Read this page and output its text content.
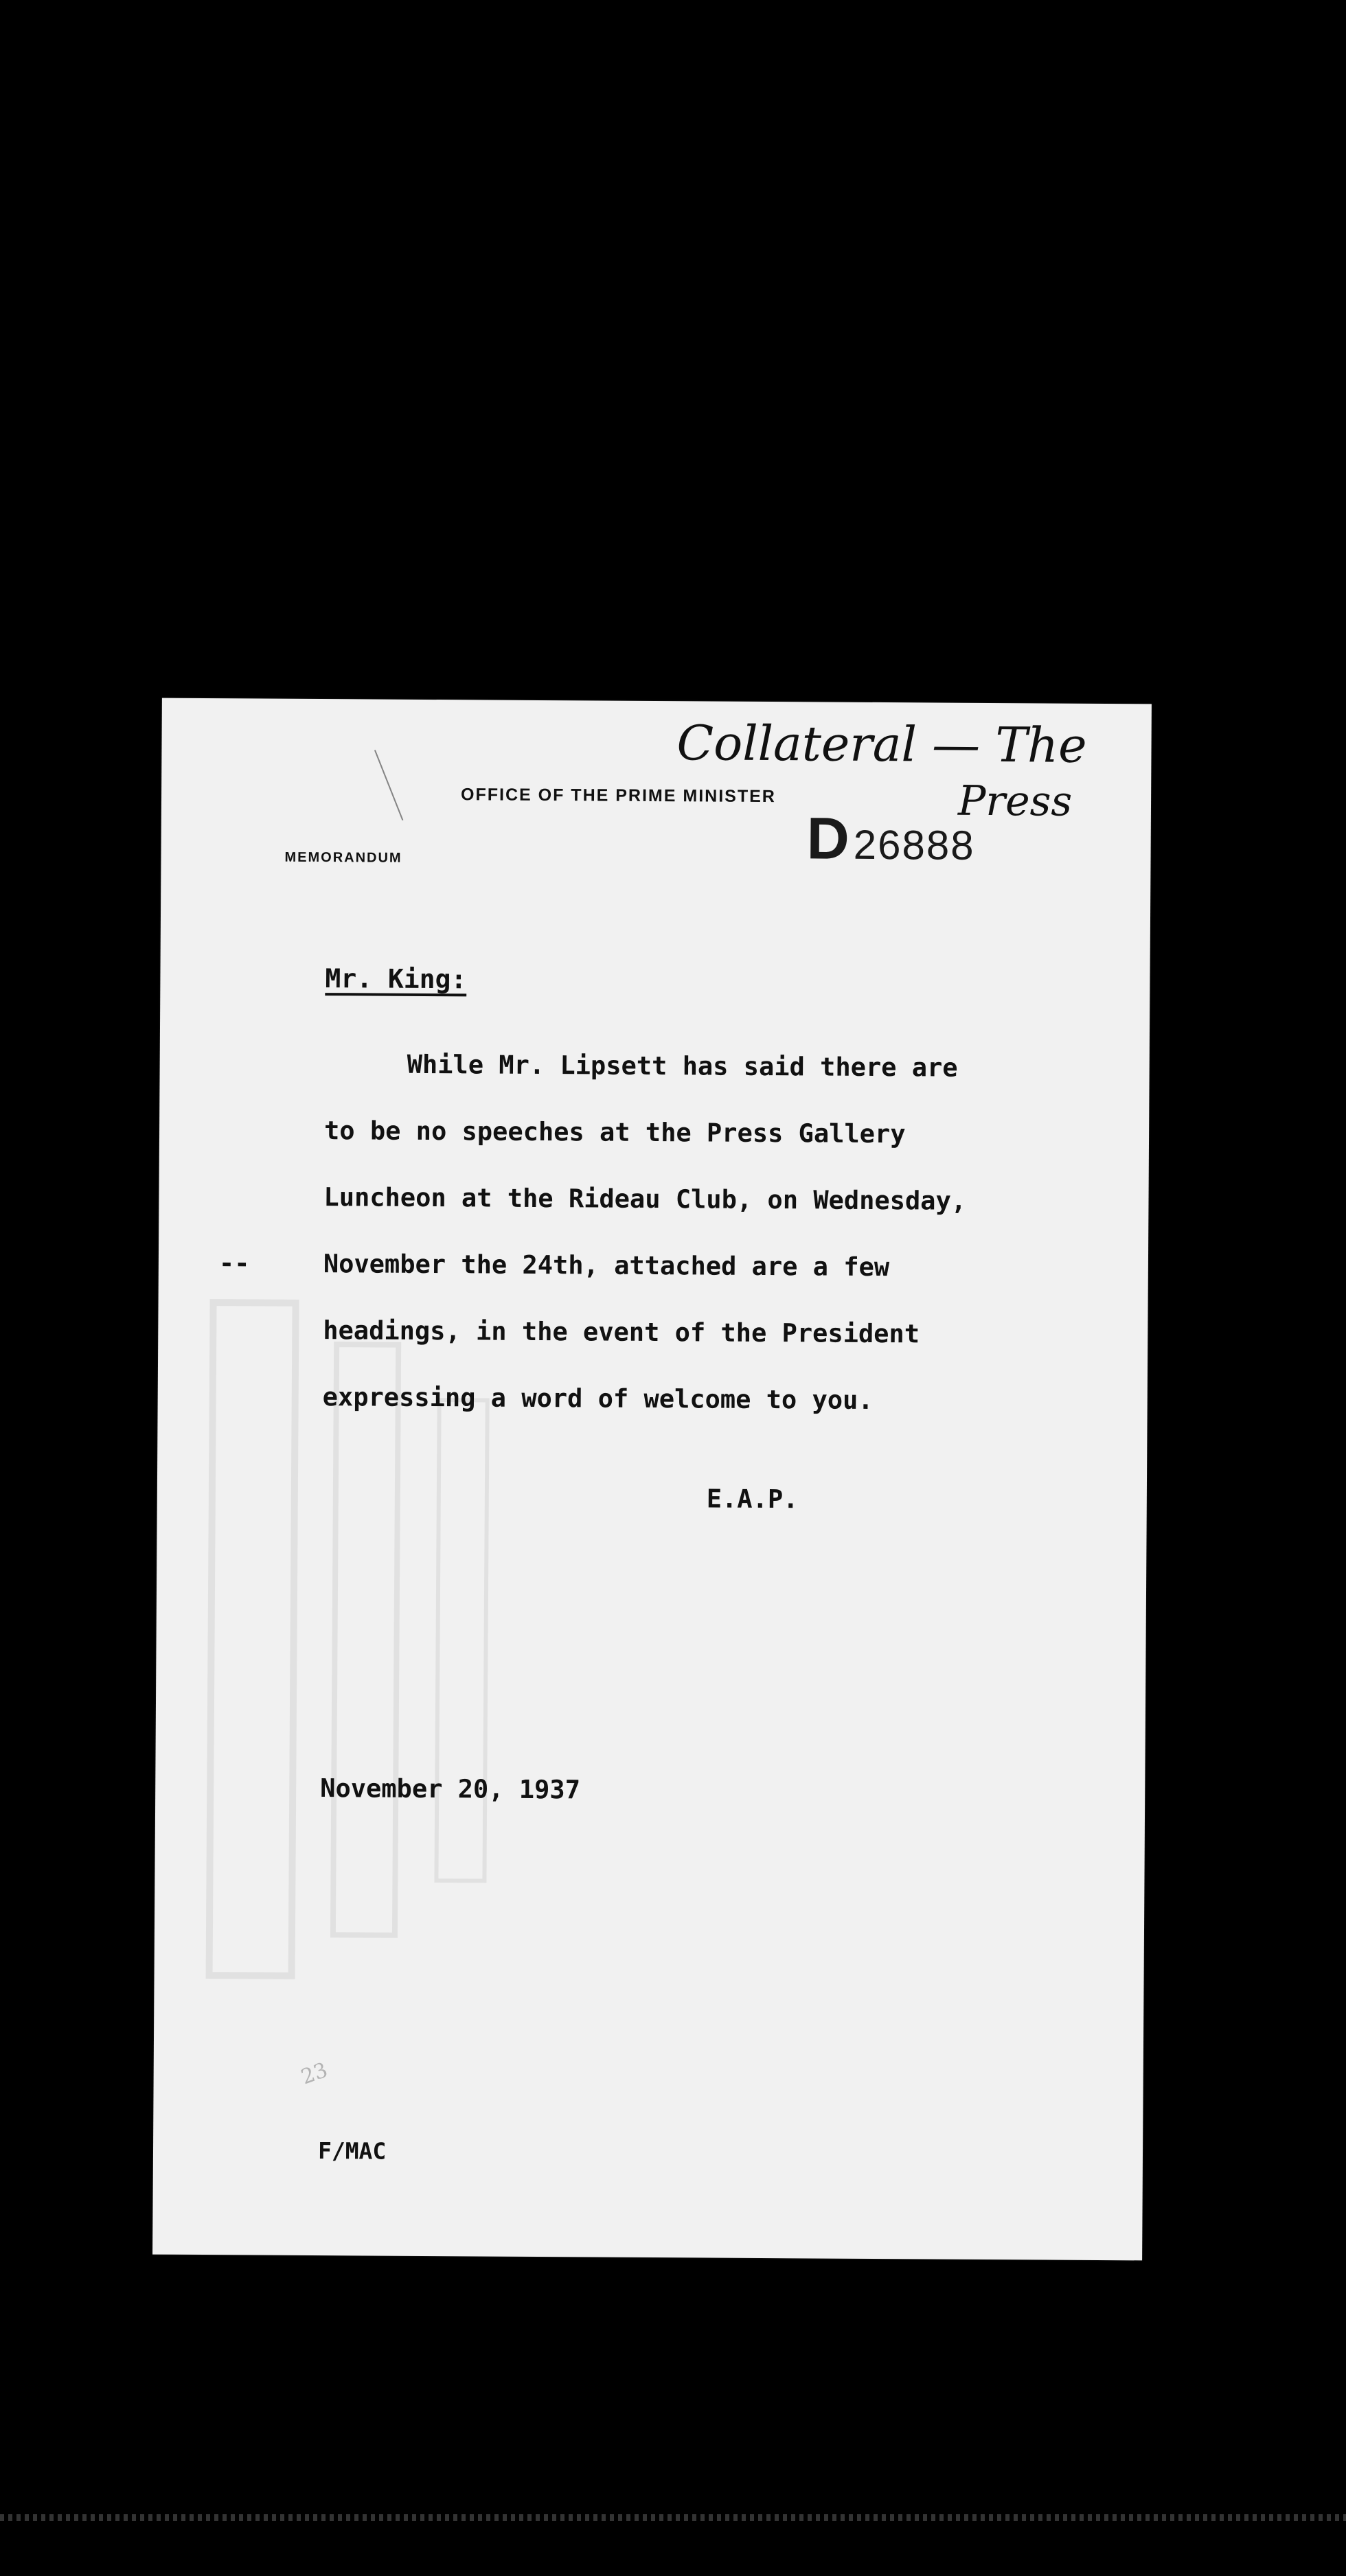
OFFICE OF THE PRIME MINISTER
MEMORANDUM	D26888
Collateral — The
Press
Mr. King:
While Mr. Lipsett has said there are
to be no speeches at the Press Gallery
Luncheon at the Rideau Club, on Wednesday,
November the 24th, attached are a few
headings, in the event of the President
expressing a word of welcome to you.
--
E.A.P.
November 20, 1937
23
F/MAC
